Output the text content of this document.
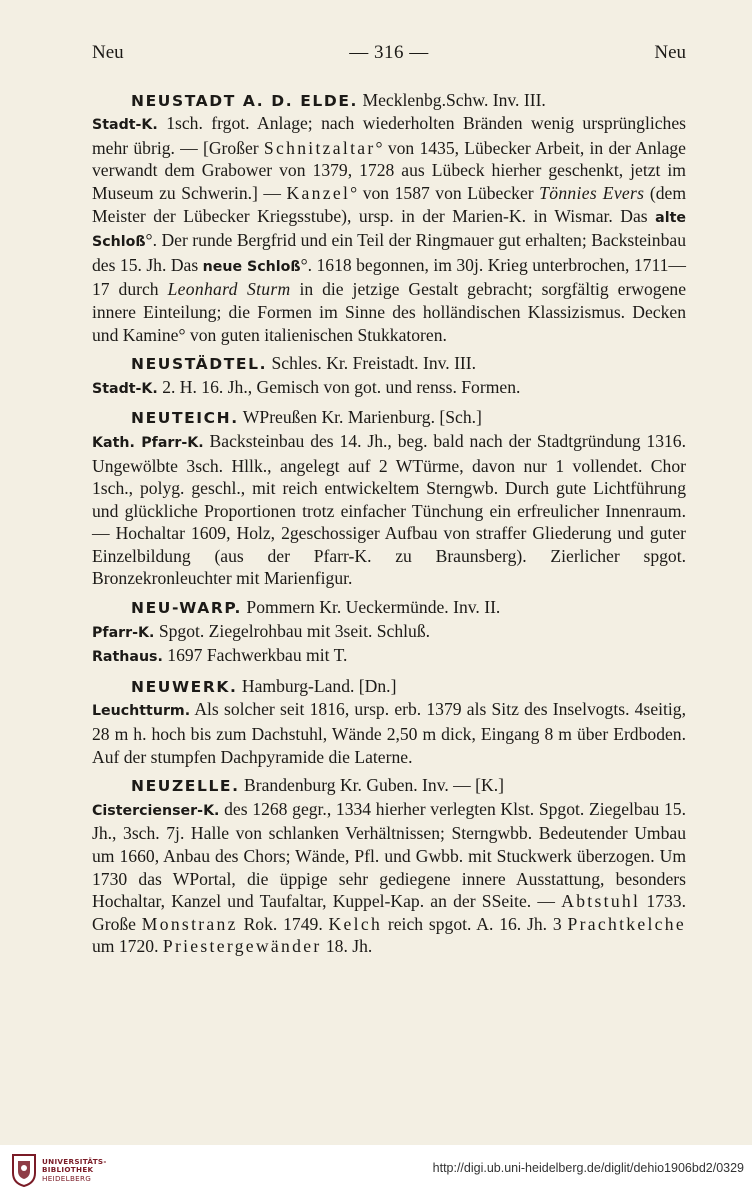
Neu	— 316 —	Neu
NEUSTADT A. D. ELDE. Mecklenbg.Schw. Inv. III.
Stadt-K. 1sch. frgot. Anlage; nach wiederholten Bränden wenig ursprüngliches mehr übrig. — [Großer Schnitzaltar° von 1435, Lübecker Arbeit, in der Anlage verwandt dem Grabower von 1379, 1728 aus Lübeck hierher geschenkt, jetzt im Museum zu Schwerin.] — Kanzel° von 1587 von Lübecker Tönnies Evers (dem Meister der Lübecker Kriegsstube), ursp. in der Marien-K. in Wismar. Das alte Schloß°. Der runde Bergfrid und ein Teil der Ringmauer gut erhalten; Backsteinbau des 15. Jh. Das neue Schloß°. 1618 begonnen, im 30j. Krieg unterbrochen, 1711—17 durch Leonhard Sturm in die jetzige Gestalt gebracht; sorgfältig erwogene innere Einteilung; die Formen im Sinne des holländischen Klassizismus. Decken und Kamine° von guten italienischen Stukkatoren.
NEUSTÄDTEL. Schles. Kr. Freistadt. Inv. III.
Stadt-K. 2. H. 16. Jh., Gemisch von got. und renss. Formen.
NEUTEICH. WPreußen Kr. Marienburg. [Sch.]
Kath. Pfarr-K. Backsteinbau des 14. Jh., beg. bald nach der Stadtgründung 1316. Ungewölbte 3sch. Hllk., angelegt auf 2 WTürme, davon nur 1 vollendet. Chor 1sch., polyg. geschl., mit reich entwickeltem Sterngwb. Durch gute Lichtführung und glückliche Proportionen trotz einfacher Tünchung ein erfreulicher Innenraum. — Hochaltar 1609, Holz, 2geschossiger Aufbau von straffer Gliederung und guter Einzelbildung (aus der Pfarr-K. zu Braunsberg). Zierlicher spgot. Bronzekronleuchter mit Marienfigur.
NEU-WARP. Pommern Kr. Ueckermünde. Inv. II.
Pfarr-K. Spgot. Ziegelrohbau mit 3seit. Schluß.
Rathaus. 1697 Fachwerkbau mit T.
NEUWERK. Hamburg-Land. [Dn.]
Leuchtturm. Als solcher seit 1816, ursp. erb. 1379 als Sitz des Inselvogts. 4seitig, 28 m h. hoch bis zum Dachstuhl, Wände 2,50 m dick, Eingang 8 m über Erdboden. Auf der stumpfen Dachpyramide die Laterne.
NEUZELLE. Brandenburg Kr. Guben. Inv. — [K.]
Cistercienser-K. des 1268 gegr., 1334 hierher verlegten Klst. Spgot. Ziegelbau 15. Jh., 3sch. 7j. Halle von schlanken Verhältnissen; Sterngwbb. Bedeutender Umbau um 1660, Anbau des Chors; Wände, Pfl. und Gwbb. mit Stuckwerk überzogen. Um 1730 das WPortal, die üppige sehr gediegene innere Ausstattung, besonders Hochaltar, Kanzel und Taufaltar, Kuppel-Kap. an der SSeite. — Abtstuhl 1733. Große Monstranz Rok. 1749. Kelch reich spgot. A. 16. Jh. 3 Prachtkelche um 1720. Priestergewänder 18. Jh.
UNIVERSITÄTS-
BIBLIOTHEK
HEIDELBERG
http://digi.ub.uni-heidelberg.de/diglit/dehio1906bd2/0329
